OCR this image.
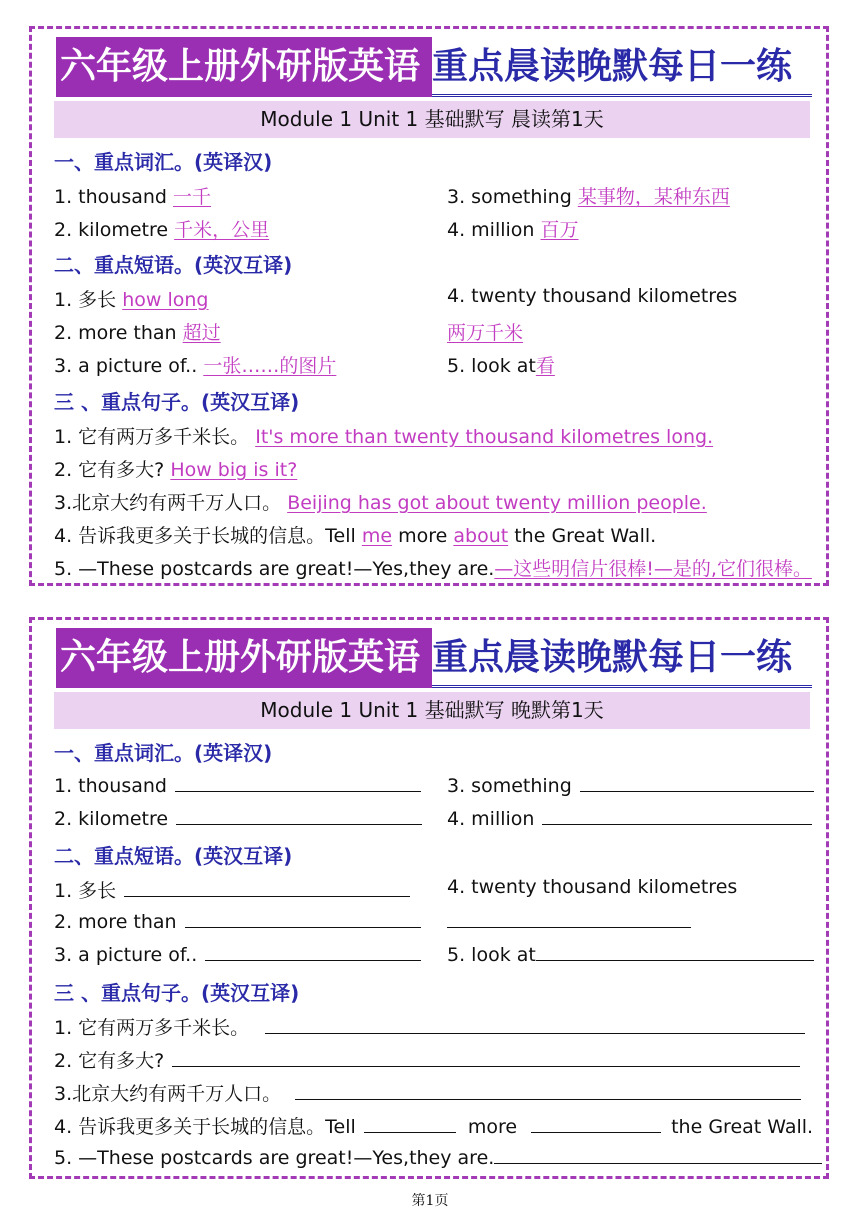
六年级上册外研版英语 重点晨读晚默每日一练
Module 1 Unit 1 基础默写 晨读第1天
一、重点词汇。(英译汉)
1. thousand 一千	3. something 某事物，某种东西
2. kilometre 千米，公里	4. million 百万
二、重点短语。(英汉互译)
1. 多长 how long	4. twenty thousand kilometres
2. more than 超过	两万千米
3. a picture of.. 一张……的图片	5. look at看
三 、重点句子。(英汉互译)
1. 它有两万多千米长。 It's more than twenty thousand kilometres long.
2. 它有多大? How big is it?
3.北京大约有两千万人口。 Beijing has got about twenty million people.
4. 告诉我更多关于长城的信息。Tell me more about the Great Wall.
5. —These postcards are great!—Yes,they are.—这些明信片很棒!—是的,它们很棒。
六年级上册外研版英语 重点晨读晚默每日一练
Module 1 Unit 1 基础默写 晚默第1天
一、重点词汇。(英译汉)
1. thousand	3. something
2. kilometre	4. million
二、重点短语。(英汉互译)
1. 多长	4. twenty thousand kilometres
2. more than
3. a picture of..	5. look at
三 、重点句子。(英汉互译)
1. 它有两万多千米长。
2. 它有多大?
3.北京大约有两千万人口。
4. 告诉我更多关于长城的信息。Tell	more	the Great Wall.
5. —These postcards are great!—Yes,they are.
第1页
